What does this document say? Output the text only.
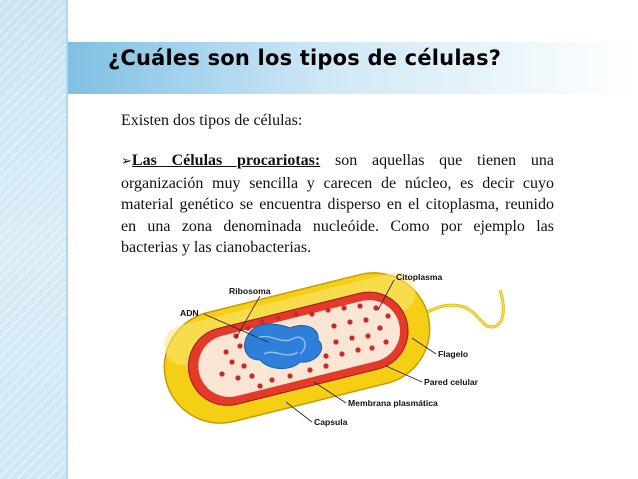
¿Cuáles son los tipos de células?

Existen dos tipos de células:

➢Las Células procariotas: son aquellas que tienen una organización muy sencilla y carecen de núcleo, es decir cuyo material genético se encuentra disperso en el citoplasma, reunido en una zona denominada nucleóide. Como por ejemplo las bacterias y las cianobacterias.

Citoplasma
Ribosoma
ADN
Flagelo
Pared celular
Membrana plasmática
Capsula
